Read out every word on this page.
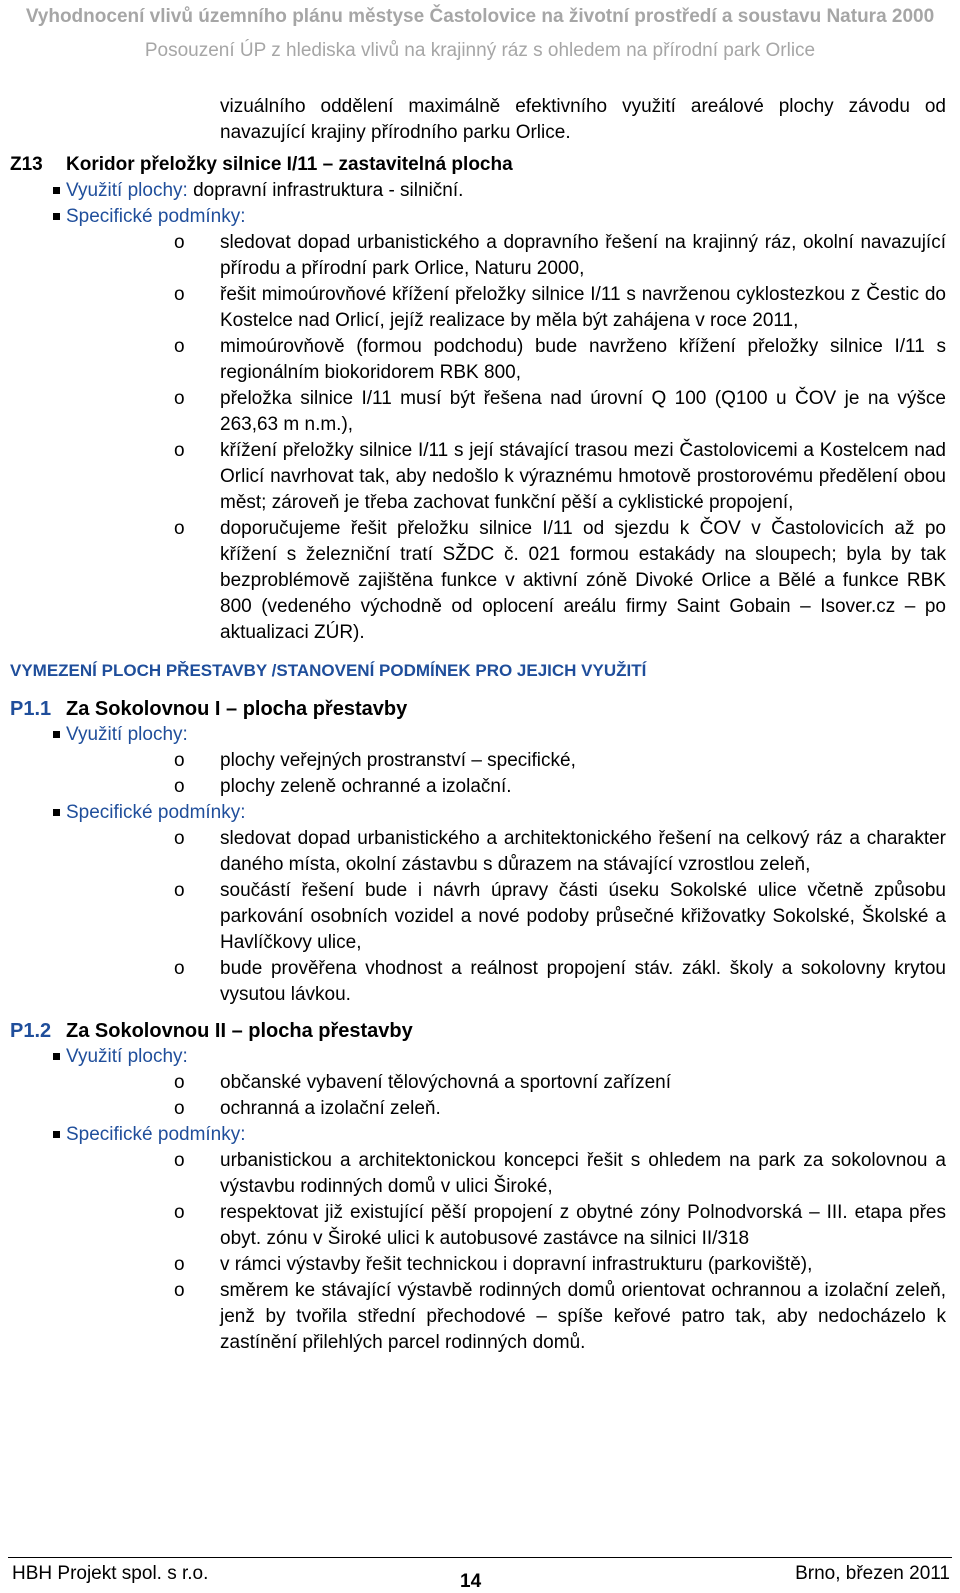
Vyhodnocení vlivů územního plánu městyse Častolovice na životní prostředí a soustavu Natura 2000
Posouzení ÚP z hlediska vlivů na krajinný ráz s ohledem na přírodní park Orlice

vizuálního oddělení maximálně efektivního využití areálové plochy závodu od navazující krajiny přírodního parku Orlice.

Z13 Koridor přeložky silnice I/11 – zastavitelná plocha
Využití plochy: dopravní infrastruktura - silniční.
Specifické podmínky:
o sledovat dopad urbanistického a dopravního řešení na krajinný ráz, okolní navazující přírodu a přírodní park Orlice, Naturu 2000,
o řešit mimoúrovňové křížení přeložky silnice I/11 s navrženou cyklostezkou z Čestic do Kostelce nad Orlicí, jejíž realizace by měla být zahájena v roce 2011,
o mimoúrovňově (formou podchodu) bude navrženo křížení přeložky silnice I/11 s regionálním biokoridorem RBK 800,
o přeložka silnice I/11 musí být řešena nad úrovní Q 100 (Q100 u ČOV je na výšce 263,63 m n.m.),
o křížení přeložky silnice I/11 s její stávající trasou mezi Častolovicemi a Kostelcem nad Orlicí navrhovat tak, aby nedošlo k výraznému hmotově prostorovému předělení obou měst; zároveň je třeba zachovat funkční pěší a cyklistické propojení,
o doporučujeme řešit přeložku silnice I/11 od sjezdu k ČOV v Častolovicích až po křížení s železniční tratí SŽDC č. 021 formou estakády na sloupech; byla by tak bezproblémově zajištěna funkce v aktivní zóně Divoké Orlice a Bělé a funkce RBK 800 (vedeného východně od oplocení areálu firmy Saint Gobain – Isover.cz – po aktualizaci ZÚR).
VYMEZENÍ PLOCH PŘESTAVBY /STANOVENÍ PODMÍNEK PRO JEJICH VYUŽITÍ
P1.1 Za Sokolovnou I – plocha přestavby
Využití plochy:
o plochy veřejných prostranství – specifické,
o plochy zeleně ochranné a izolační.
Specifické podmínky:
o sledovat dopad urbanistického a architektonického řešení na celkový ráz a charakter daného místa, okolní zástavbu s důrazem na stávající vzrostlou zeleň,
o součástí řešení bude i návrh úpravy části úseku Sokolské ulice včetně způsobu parkování osobních vozidel a nové podoby průsečné křižovatky Sokolské, Školské a Havlíčkovy ulice,
o bude prověřena vhodnost a reálnost propojení stáv. zákl. školy a sokolovny krytou vysutou lávkou.
P1.2 Za Sokolovnou II – plocha přestavby
Využití plochy:
o občanské vybavení tělovýchovná a sportovní zařízení
o ochranná a izolační zeleň.
Specifické podmínky:
o urbanistickou a architektonickou koncepci řešit s ohledem na park za sokolovnou a výstavbu rodinných domů v ulici Široké,
o respektovat již existující pěší propojení z obytné zóny Polnodvorská – III. etapa přes obyt. zónu v Široké ulici k autobusové zastávce na silnici II/318
o v rámci výstavby řešit technickou i dopravní infrastrukturu (parkoviště),
o směrem ke stávající výstavbě rodinných domů orientovat ochrannou a izolační zeleň, jenž by tvořila střední přechodové – spíše keřové patro tak, aby nedocházelo k zastínění přilehlých parcel rodinných domů.
HBH Projekt spol. s r.o.	14	Brno, březen 2011
